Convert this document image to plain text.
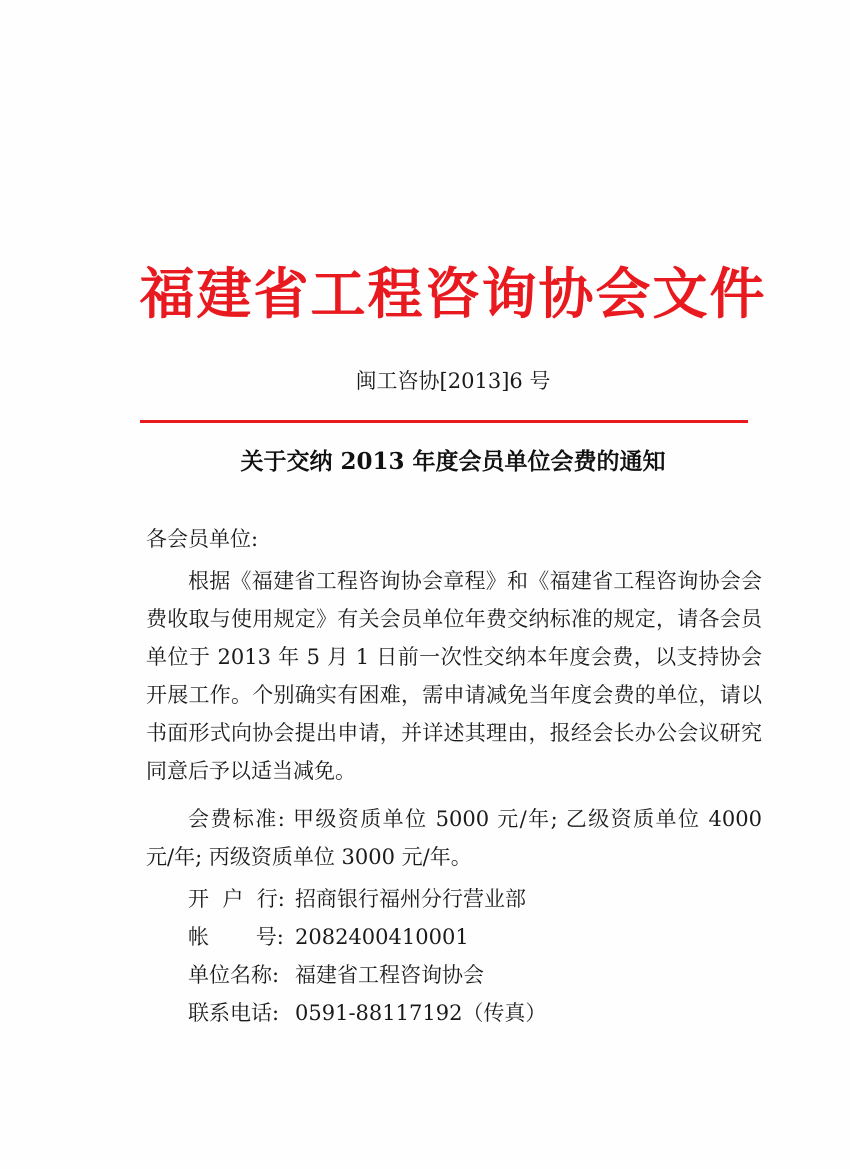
福建省工程咨询协会文件
闽工咨协[2013]6 号
关于交纳 2013 年度会员单位会费的通知
各会员单位:

根据《福建省工程咨询协会章程》和《福建省工程咨询协会会费收取与使用规定》有关会员单位年费交纳标准的规定，请各会员单位于 2013 年 5 月 1 日前一次性交纳本年度会费，以支持协会开展工作。个别确实有困难，需申请减免当年度会费的单位，请以书面形式向协会提出申请，并详述其理由，报经会长办公会议研究同意后予以适当减免。

会费标准: 甲级资质单位 5000 元/年; 乙级资质单位 4000 元/年; 丙级资质单位 3000 元/年。

开  户  行: 招商银行福州分行营业部
帐       号: 2082400410001
单位名称: 福建省工程咨询协会
联系电话: 0591-88117192（传真）
